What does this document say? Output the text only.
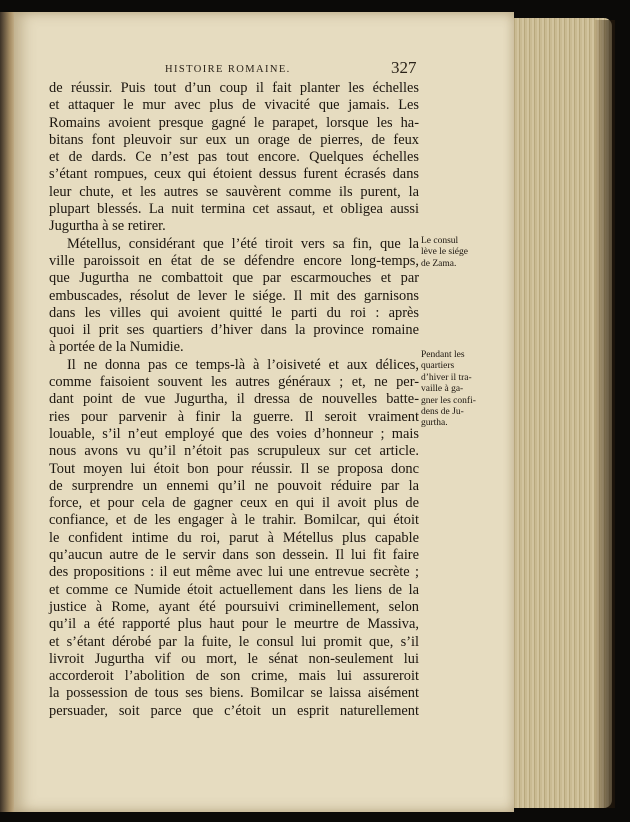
HISTOIRE ROMAINE.	327
de réussir. Puis tout d’un coup il fait planter les échelles
et attaquer le mur avec plus de vivacité que jamais. Les
Romains avoient presque gagné le parapet, lorsque les ha-
bitans font pleuvoir sur eux un orage de pierres, de feux
et de dards. Ce n’est pas tout encore. Quelques échelles
s’étant rompues, ceux qui étoient dessus furent écrasés dans
leur chute, et les autres se sauvèrent comme ils purent, la
plupart blessés. La nuit termina cet assaut, et obligea aussi
Jugurtha à se retirer.
Métellus, considérant que l’été tiroit vers sa fin, que la
ville paroissoit en état de se défendre encore long-temps,
que Jugurtha ne combattoit que par escarmouches et par
embuscades, résolut de lever le siége. Il mit des garnisons
dans les villes qui avoient quitté le parti du roi : après
quoi il prit ses quartiers d’hiver dans la province romaine
à portée de la Numidie.
Il ne donna pas ce temps-là à l’oisiveté et aux délices,
comme faisoient souvent les autres généraux ; et, ne per-
dant point de vue Jugurtha, il dressa de nouvelles batte-
ries pour parvenir à finir la guerre. Il seroit vraiment
louable, s’il n’eut employé que des voies d’honneur ; mais
nous avons vu qu’il n’étoit pas scrupuleux sur cet article.
Tout moyen lui étoit bon pour réussir. Il se proposa donc
de surprendre un ennemi qu’il ne pouvoit réduire par la
force, et pour cela de gagner ceux en qui il avoit plus de
confiance, et de les engager à le trahir. Bomilcar, qui étoit
le confident intime du roi, parut à Métellus plus capable
qu’aucun autre de le servir dans son dessein. Il lui fit faire
des propositions : il eut même avec lui une entrevue secrète ;
et comme ce Numide étoit actuellement dans les liens de la
justice à Rome, ayant été poursuivi criminellement, selon
qu’il a été rapporté plus haut pour le meurtre de Massiva,
et s’étant dérobé par la fuite, le consul lui promit que, s’il
livroit Jugurtha vif ou mort, le sénat non-seulement lui
accorderoit l’abolition de son crime, mais lui assureroit
la possession de tous ses biens. Bomilcar se laissa aisément
persuader, soit parce que c’étoit un esprit naturellement
Le consul
lève le siége
de Zama.
Pendant les
quartiers
d’hiver il tra-
vaille à ga-
gner les confi-
dens de Ju-
gurtha.
